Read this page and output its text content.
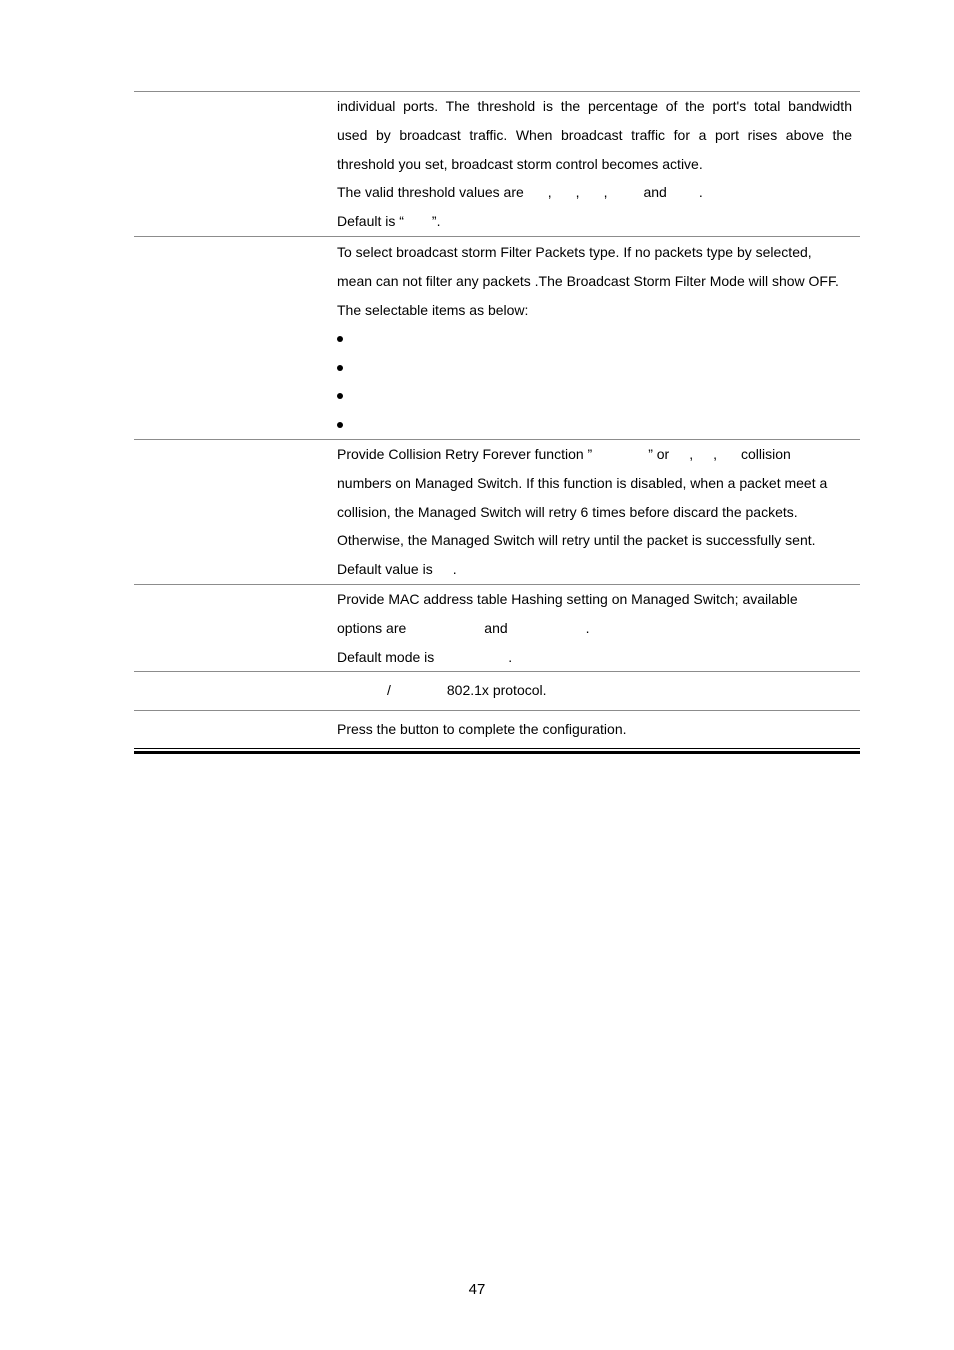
individual ports. The threshold is the percentage of the port's total bandwidth
used by broadcast traffic. When broadcast traffic for a port rises above the
threshold you set, broadcast storm control becomes active.
The valid threshold values are , , ,	and .
Default is “ ”.
To select broadcast storm Filter Packets type. If no packets type by selected,
mean can not filter any packets .The Broadcast Storm Filter Mode will show OFF.
The selectable items as below:
Provide Collision Retry Forever function ”	” or , , collision
numbers on Managed Switch. If this function is disabled, when a packet meet a
collision, the Managed Switch will retry 6 times before discard the packets.
Otherwise, the Managed Switch will retry until the packet is successfully sent.
Default value is .
Provide MAC address table Hashing setting on Managed Switch; available
options are	and	.
Default mode is	.
/	802.1x protocol.
Press the button to complete the configuration.
47
